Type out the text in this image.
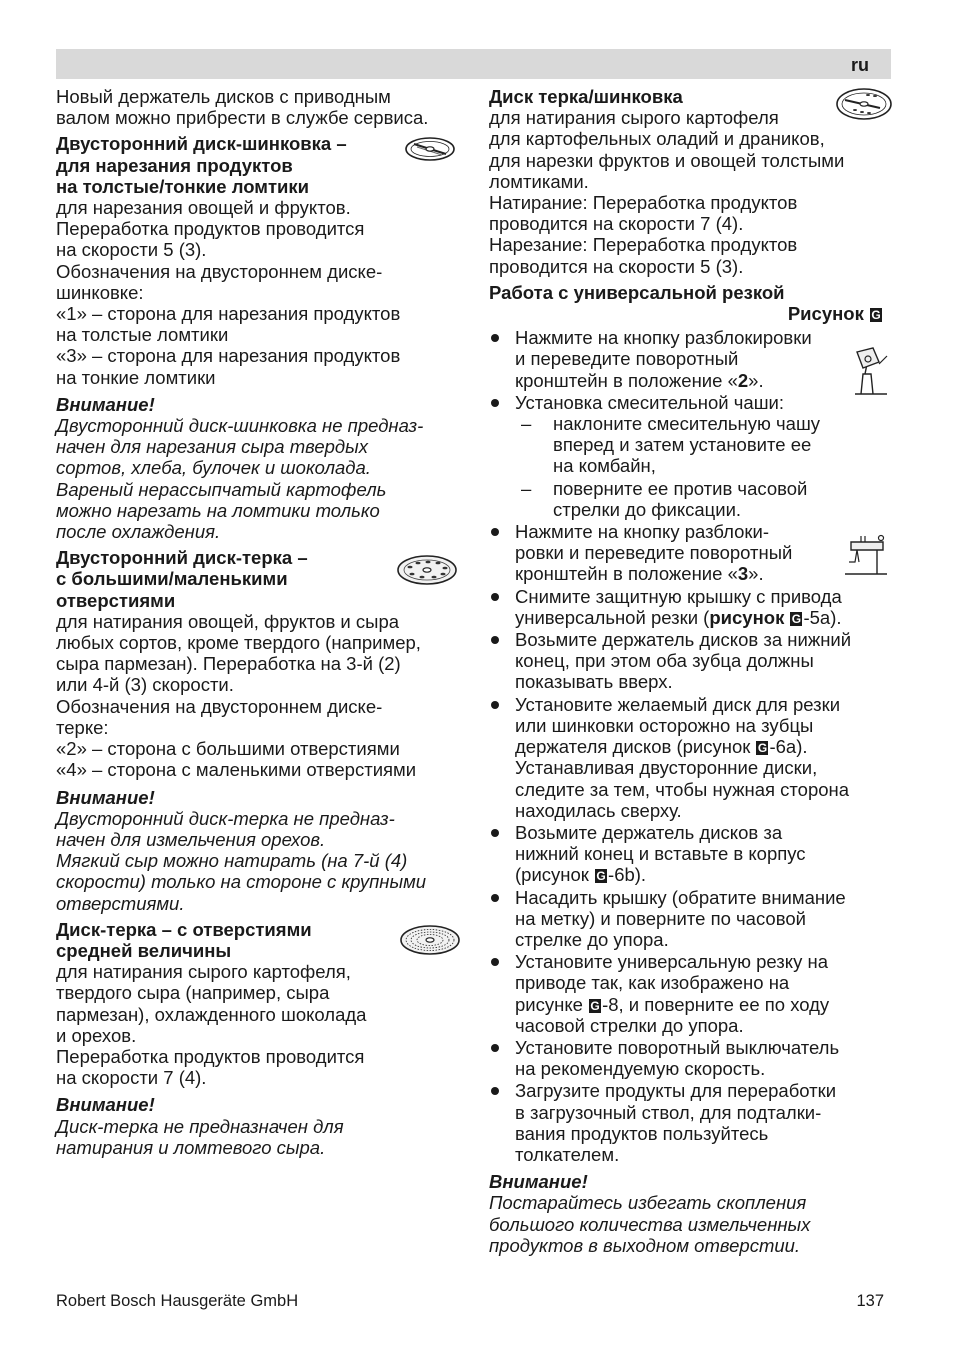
ru

Новый держатель дисков с приводным
валом можно прибрести в службе сервиса.

Двусторонний диск-шинковка –
для нарезания продуктов
на толстые/тонкие ломтики

для нарезания овощей и фруктов.
Переработка продуктов проводится
на скорости 5 (3).
Обозначения на двустороннем диске-
шинковке:
«1» – сторона для нарезания продуктов
на толстые ломтики
«3» – сторона для нарезания продуктов
на тонкие ломтики

Внимание!

Двусторонний диск-шинковка не предназ-
начен для нарезания сыра твердых
сортов, хлеба, булочек и шоколада.
Вареный нерассыпчатый картофель
можно нарезать на ломтики только
после охлаждения.

Двусторонний диск-терка –
с большими/маленькими
отверстиями

для натирания овощей, фруктов и сыра
любых сортов, кроме твердого (например,
сыра пармезан). Переработка на 3-й (2)
или 4-й (3) скорости.
Обозначения на двустороннем диске-
терке:
«2» – сторона с большими отверстиями
«4» – сторона с маленькими отверстиями

Внимание!

Двусторонний диск-терка не предназ-
начен для измельчения орехов.
Мягкий сыр можно натирать (на 7-й (4)
скорости) только на стороне с крупными
отверстиями.

Диск-терка – с отверстиями
средней величины

для натирания сырого картофеля,
твердого сыра (например, сыра
пармезан), охлажденного шоколада
и орехов.
Переработка продуктов проводится
на скорости 7 (4).

Внимание!

Диск-терка не предназначен для
натирания и ломтевого сыра.

Диск терка/шинковка

для натирания сырого картофеля
для картофельных оладий и драников,
для нарезки фруктов и овощей толстыми
ломтиками.
Натирание: Переработка продуктов
проводится на скорости 7 (4).
Нарезание: Переработка продуктов
проводится на скорости 5 (3).

Работа с универсальной резкой

Рисунок G

Нажмите на кнопку разблокировки
и переведите поворотный
кронштейн в положение «2».
Установка смесительной чаши:
– наклоните смесительную чашу
вперед и затем установите ее
на комбайн,
– поверните ее против часовой
стрелки до фиксации.
Нажмите на кнопку разблоки-
ровки и переведите поворотный
кронштейн в положение «3».
Снимите защитную крышку с привода
универсальной резки (рисунок G -5a).
Возьмите держатель дисков за нижний
конец, при этом оба зубца должны
показывать вверх.
Установите желаемый диск для резки
или шинковки осторожно на зубцы
держателя дисков (рисунок G -6a).
Устанавливая двусторонние диски,
следите за тем, чтобы нужная сторона
находилась сверху.
Возьмите держатель дисков за
нижний конец и вставьте в корпус
(рисунок G -6b).
Насадить крышку (обратите внимание
на метку) и поверните по часовой
стрелке до упора.
Установите универсальную резку на
приводе так, как изображено на
рисунке G -8, и поверните ее по ходу
часовой стрелки до упора.
Установите поворотный выключатель
на рекомендуемую скорость.
Загрузите продукты для переработки
в загрузочный ствол, для подталки-
вания продуктов пользуйтесь
толкателем.

Внимание!

Постарайтесь избегать скопления
большого количества измельченных
продуктов в выходном отверстии.

Robert Bosch Hausgeräte GmbH	137
